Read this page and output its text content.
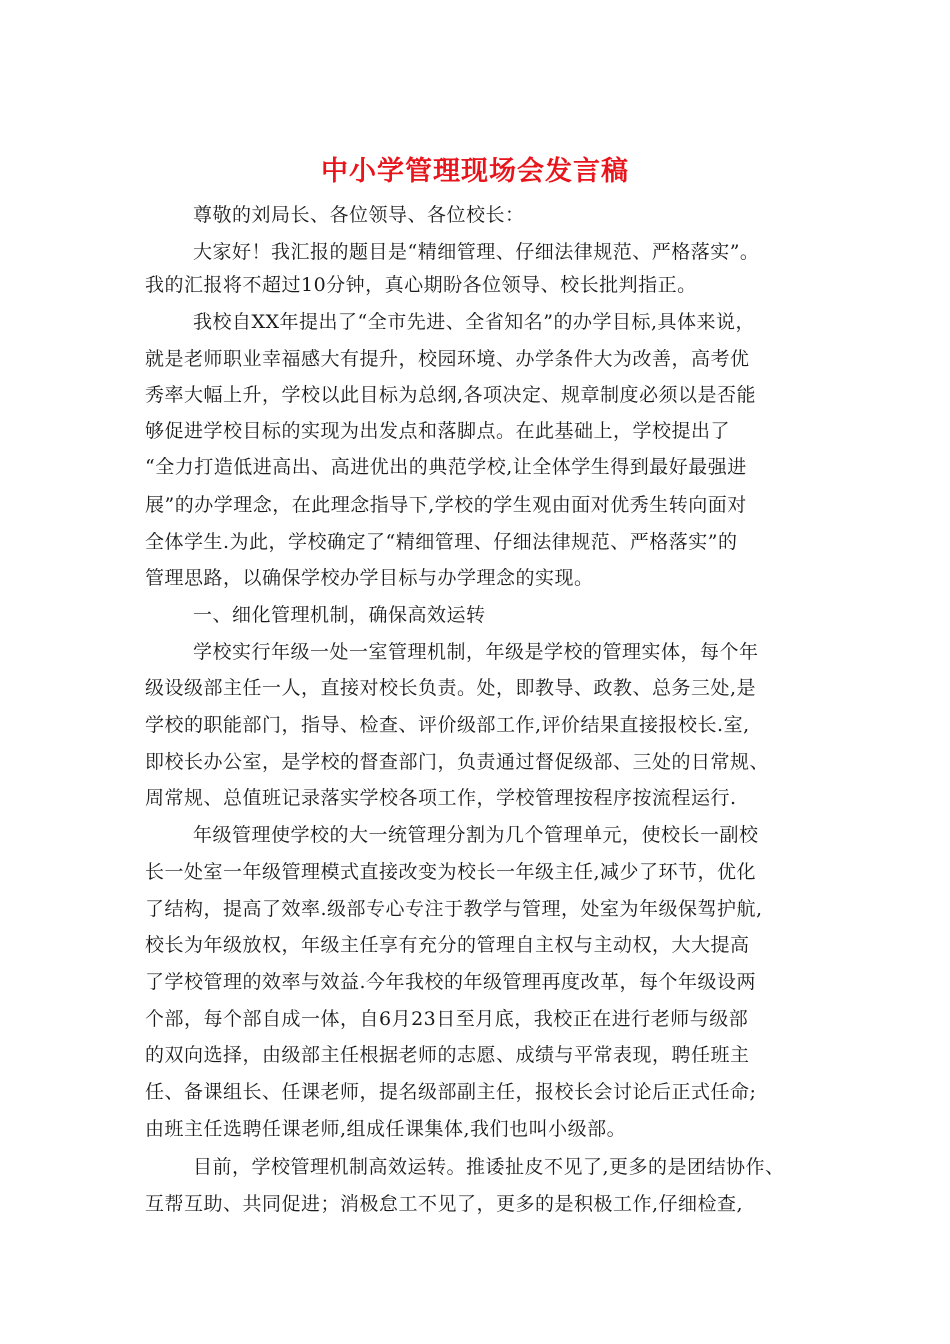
中小学管理现场会发言稿
尊敬的刘局长、各位领导、各位校长：
大家好！我汇报的题目是“精细管理、仔细法律规范、严格落实”。
我的汇报将不超过10分钟，真心期盼各位领导、校长批判指正。
我校自XX年提出了“全市先进、全省知名”的办学目标,具体来说，
就是老师职业幸福感大有提升，校园环境、办学条件大为改善，高考优
秀率大幅上升，学校以此目标为总纲,各项决定、规章制度必须以是否能
够促进学校目标的实现为出发点和落脚点。在此基础上，学校提出了
“全力打造低进高出、高进优出的典范学校,让全体学生得到最好最强进
展”的办学理念，在此理念指导下,学校的学生观由面对优秀生转向面对
全体学生.为此，学校确定了“精细管理、仔细法律规范、严格落实”的
管理思路，以确保学校办学目标与办学理念的实现。
一、细化管理机制，确保高效运转
学校实行年级一处一室管理机制，年级是学校的管理实体，每个年
级设级部主任一人，直接对校长负责。处，即教导、政教、总务三处,是
学校的职能部门，指导、检查、评价级部工作,评价结果直接报校长.室,
即校长办公室，是学校的督查部门，负责通过督促级部、三处的日常规、
周常规、总值班记录落实学校各项工作，学校管理按程序按流程运行.
年级管理使学校的大一统管理分割为几个管理单元，使校长一副校
长一处室一年级管理模式直接改变为校长一年级主任,减少了环节，优化
了结构，提高了效率.级部专心专注于教学与管理，处室为年级保驾护航,
校长为年级放权，年级主任享有充分的管理自主权与主动权，大大提高
了学校管理的效率与效益.今年我校的年级管理再度改革，每个年级设两
个部，每个部自成一体，自6月23日至月底，我校正在进行老师与级部
的双向选择，由级部主任根据老师的志愿、成绩与平常表现，聘任班主
任、备课组长、任课老师，提名级部副主任，报校长会讨论后正式任命;
由班主任选聘任课老师,组成任课集体,我们也叫小级部。
目前，学校管理机制高效运转。推诿扯皮不见了,更多的是团结协作、
互帮互助、共同促进；消极怠工不见了，更多的是积极工作,仔细检查,
